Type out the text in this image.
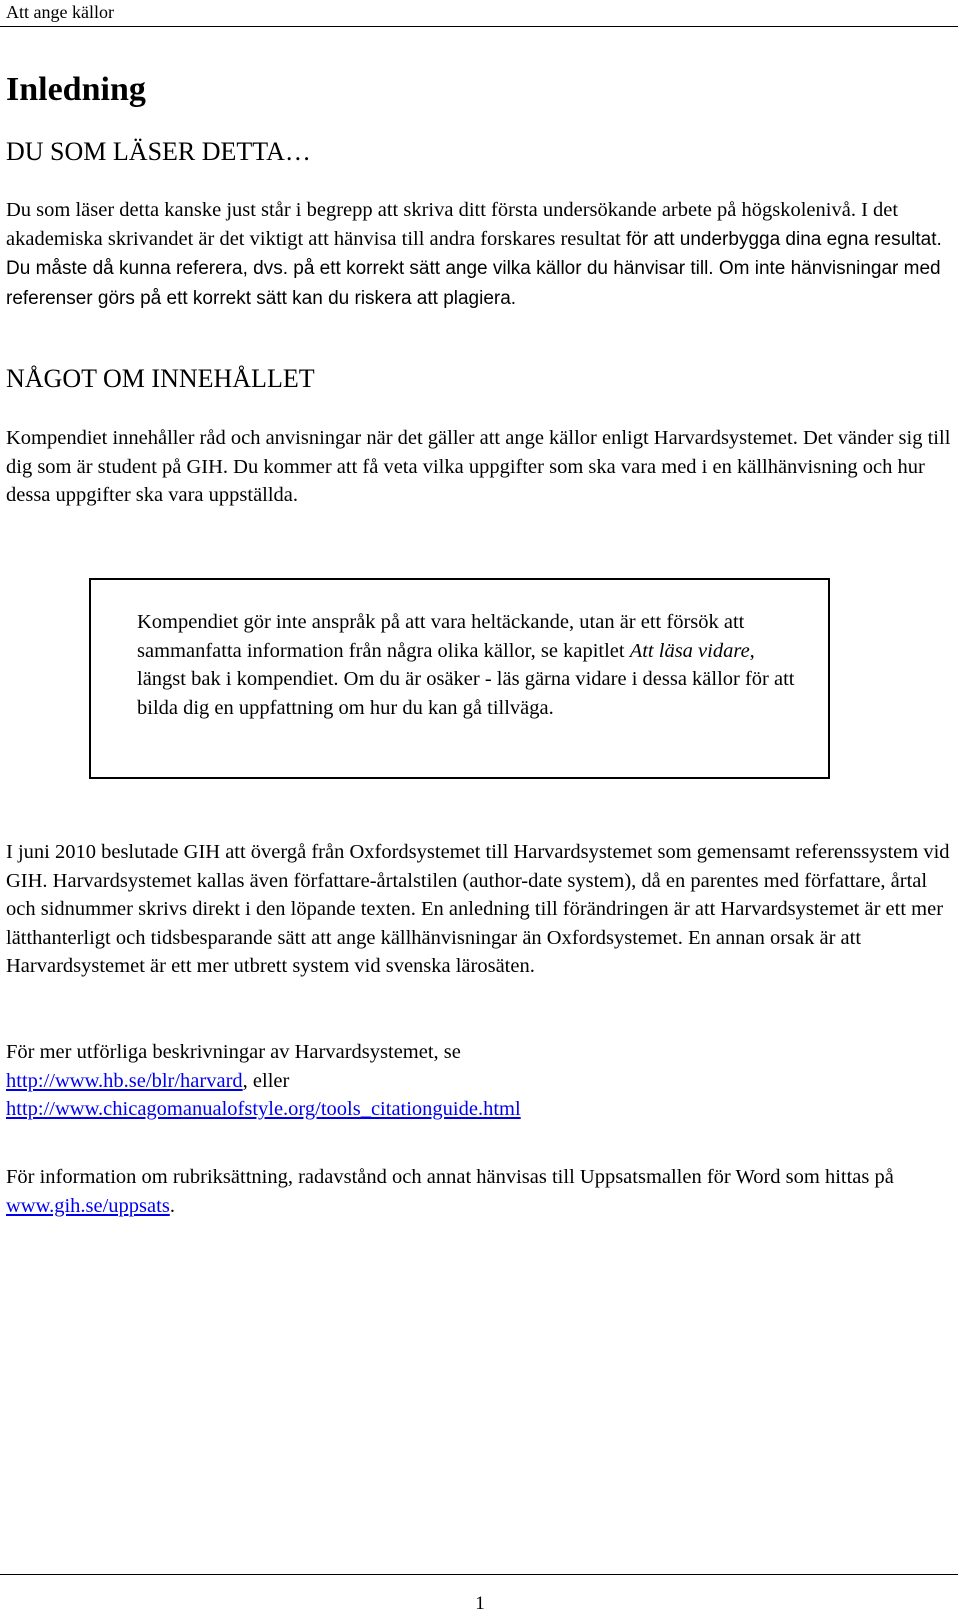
Att ange källor
Inledning
DU SOM LÄSER DETTA…

Du som läser detta kanske just står i begrepp att skriva ditt första undersökande arbete på högskolenivå. I det akademiska skrivandet är det viktigt att hänvisa till andra forskares resultat för att underbygga dina egna resultat. Du måste då kunna referera, dvs. på ett korrekt sätt ange vilka källor du hänvisar till. Om inte hänvisningar med referenser görs på ett korrekt sätt kan du riskera att plagiera.

NÅGOT OM INNEHÅLLET

Kompendiet innehåller råd och anvisningar när det gäller att ange källor enligt Harvardsystemet. Det vänder sig till dig som är student på GIH. Du kommer att få veta vilka uppgifter som ska vara med i en källhänvisning och hur dessa uppgifter ska vara uppställda.

Kompendiet gör inte anspråk på att vara heltäckande, utan är ett försök att sammanfatta information från några olika källor, se kapitlet Att läsa vidare, längst bak i kompendiet. Om du är osäker - läs gärna vidare i dessa källor för att bilda dig en uppfattning om hur du kan gå tillväga.

I juni 2010 beslutade GIH att övergå från Oxfordsystemet till Harvardsystemet som gemensamt referenssystem vid GIH. Harvardsystemet kallas även författare-årtalstilen (author-date system), då en parentes med författare, årtal och sidnummer skrivs direkt i den löpande texten. En anledning till förändringen är att Harvardsystemet är ett mer lätthanterligt och tidsbesparande sätt att ange källhänvisningar än Oxfordsystemet. En annan orsak är att Harvardsystemet är ett mer utbrett system vid svenska lärosäten.

För mer utförliga beskrivningar av Harvardsystemet, se
http://www.hb.se/blr/harvard, eller
http://www.chicagomanualofstyle.org/tools_citationguide.html

För information om rubriksättning, radavstånd och annat hänvisas till Uppsatsmallen för Word som hittas på www.gih.se/uppsats.

1
